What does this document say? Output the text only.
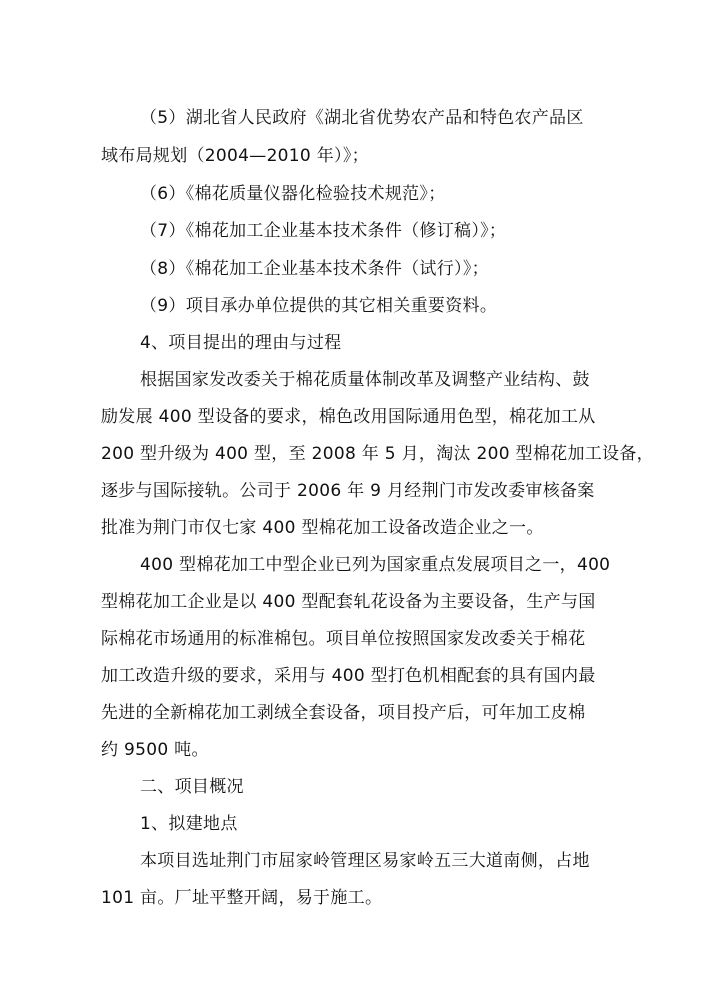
（5）湖北省人民政府《湖北省优势农产品和特色农产品区
域布局规划（2004—2010 年）》；
（6）《棉花质量仪器化检验技术规范》；
（7）《棉花加工企业基本技术条件（修订稿）》；
（8）《棉花加工企业基本技术条件（试行）》；
（9）项目承办单位提供的其它相关重要资料。
4、项目提出的理由与过程
根据国家发改委关于棉花质量体制改革及调整产业结构、鼓
励发展 400 型设备的要求，棉色改用国际通用色型，棉花加工从
200 型升级为 400 型，至 2008 年 5 月，淘汰 200 型棉花加工设备，
逐步与国际接轨。公司于 2006 年 9 月经荆门市发改委审核备案
批准为荆门市仅七家 400 型棉花加工设备改造企业之一。
400 型棉花加工中型企业已列为国家重点发展项目之一，400
型棉花加工企业是以 400 型配套轧花设备为主要设备，生产与国
际棉花市场通用的标准棉包。项目单位按照国家发改委关于棉花
加工改造升级的要求，采用与 400 型打色机相配套的具有国内最
先进的全新棉花加工剥绒全套设备，项目投产后，可年加工皮棉
约 9500 吨。
二、项目概况
1、拟建地点
本项目选址荆门市屈家岭管理区易家岭五三大道南侧，占地
101 亩。厂址平整开阔，易于施工。
